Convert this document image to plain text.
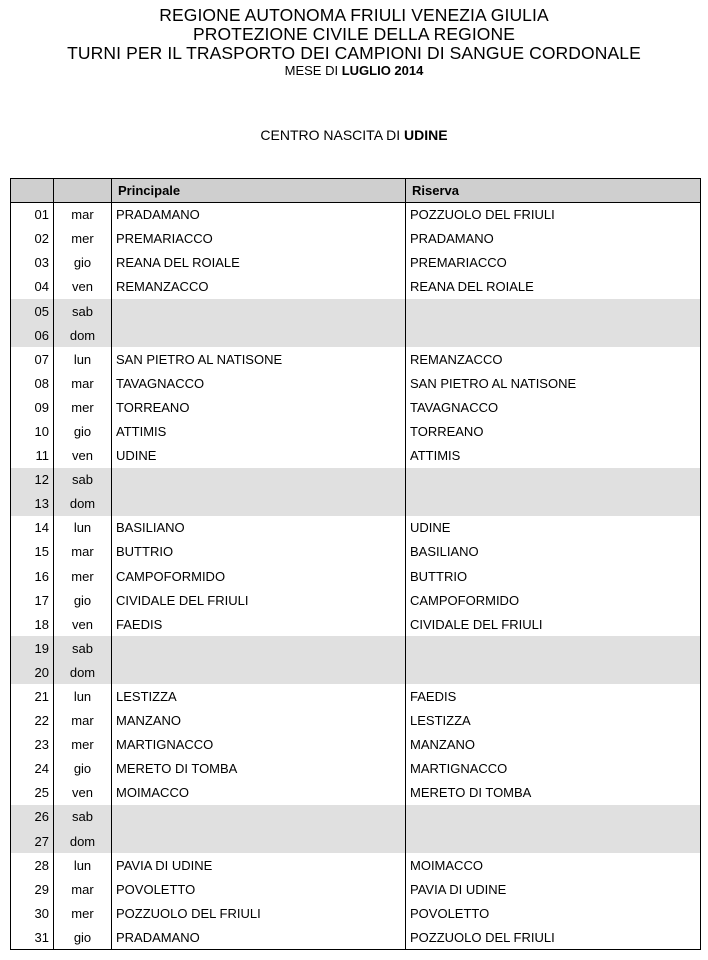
REGIONE AUTONOMA FRIULI VENEZIA GIULIA
PROTEZIONE CIVILE DELLA REGIONE
TURNI PER IL TRASPORTO DEI CAMPIONI DI SANGUE CORDONALE
MESE DI LUGLIO 2014
CENTRO NASCITA DI UDINE
		Principale	Riserva
01	mar	PRADAMANO	POZZUOLO DEL FRIULI
02	mer	PREMARIACCO	PRADAMANO
03	gio	REANA DEL ROIALE	PREMARIACCO
04	ven	REMANZACCO	REANA DEL ROIALE
05	sab		
06	dom		
07	lun	SAN PIETRO AL NATISONE	REMANZACCO
08	mar	TAVAGNACCO	SAN PIETRO AL NATISONE
09	mer	TORREANO	TAVAGNACCO
10	gio	ATTIMIS	TORREANO
11	ven	UDINE	ATTIMIS
12	sab		
13	dom		
14	lun	BASILIANO	UDINE
15	mar	BUTTRIO	BASILIANO
16	mer	CAMPOFORMIDO	BUTTRIO
17	gio	CIVIDALE DEL FRIULI	CAMPOFORMIDO
18	ven	FAEDIS	CIVIDALE DEL FRIULI
19	sab		
20	dom		
21	lun	LESTIZZA	FAEDIS
22	mar	MANZANO	LESTIZZA
23	mer	MARTIGNACCO	MANZANO
24	gio	MERETO DI TOMBA	MARTIGNACCO
25	ven	MOIMACCO	MERETO DI TOMBA
26	sab		
27	dom		
28	lun	PAVIA DI UDINE	MOIMACCO
29	mar	POVOLETTO	PAVIA DI UDINE
30	mer	POZZUOLO DEL FRIULI	POVOLETTO
31	gio	PRADAMANO	POZZUOLO DEL FRIULI
